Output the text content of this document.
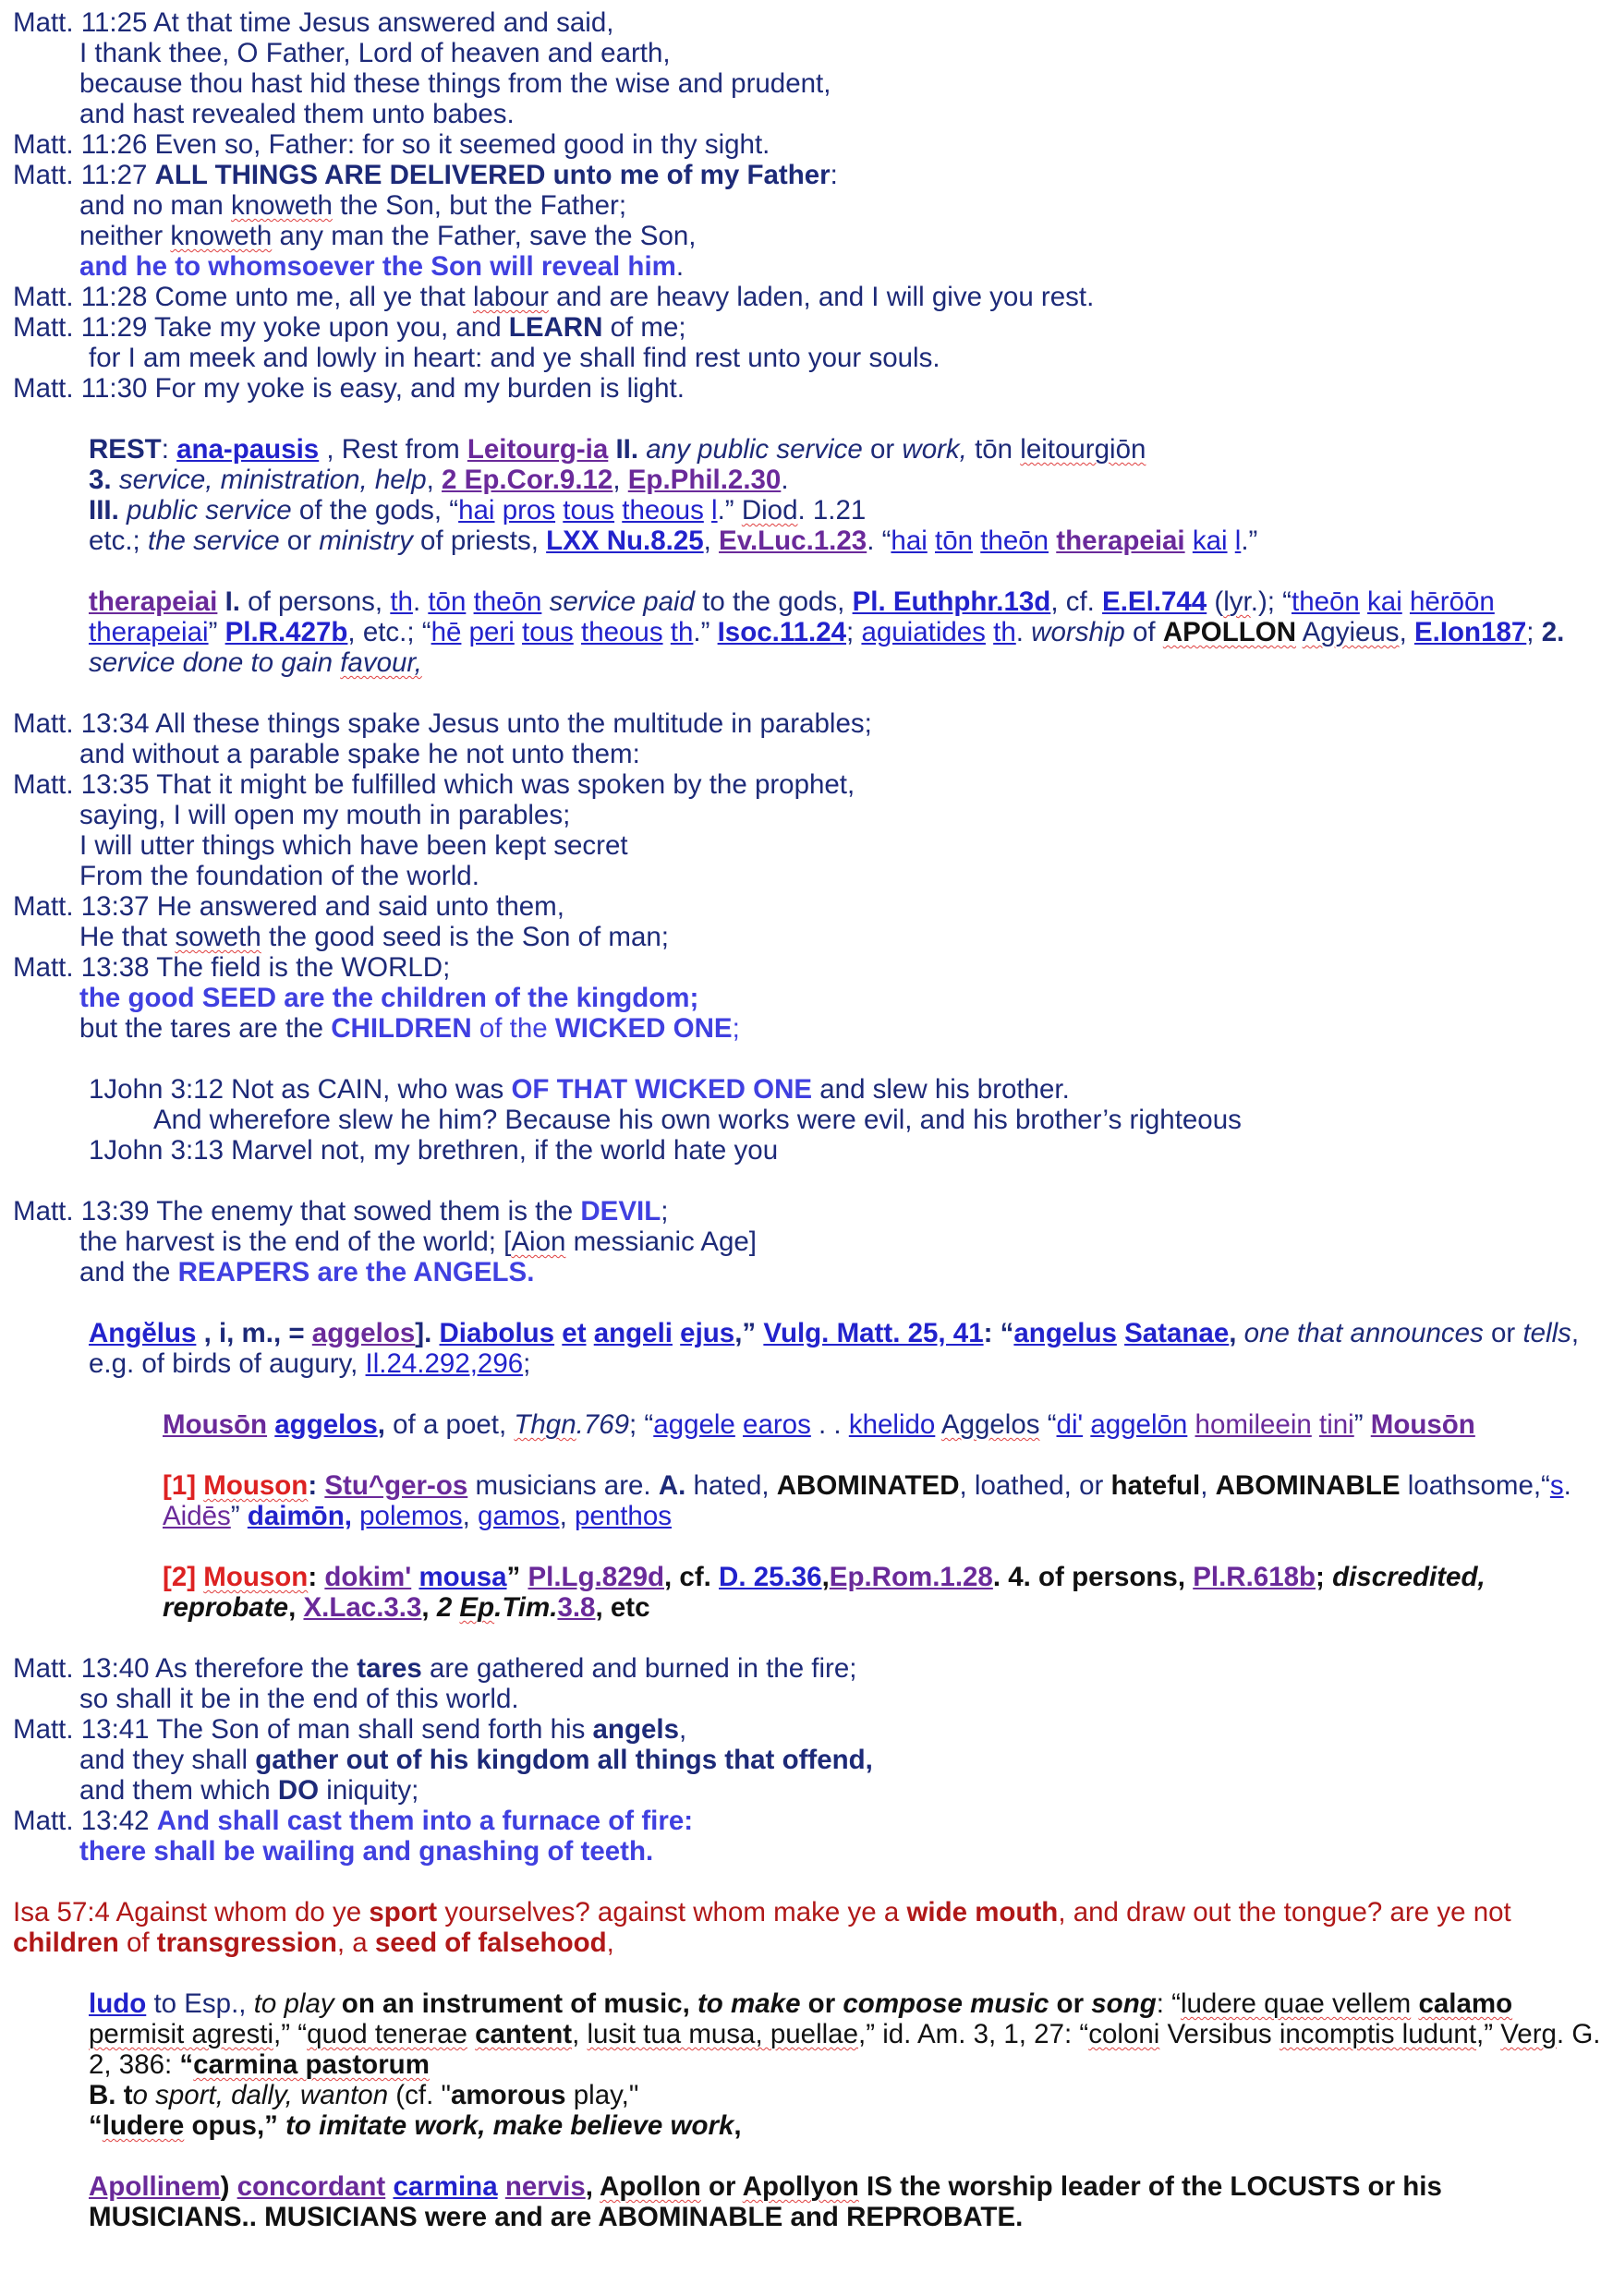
Matt. 11:25 At that time Jesus answered and said,
I thank thee, O Father, Lord of heaven and earth,
because thou hast hid these things from the wise and prudent,
and hast revealed them unto babes.
Matt. 11:26 Even so, Father: for so it seemed good in thy sight.
Matt. 11:27 ALL THINGS ARE DELIVERED unto me of my Father:
and no man knoweth the Son, but the Father;
neither knoweth any man the Father, save the Son,
and he to whomsoever the Son will reveal him.
Matt. 11:28 Come unto me, all ye that labour and are heavy laden, and I will give you rest.
Matt. 11:29 Take my yoke upon you, and LEARN of me;
for I am meek and lowly in heart: and ye shall find rest unto your souls.
Matt. 11:30 For my yoke is easy, and my burden is light.
REST: ana-pausis , Rest from Leitourg-ia II. any public service or work, tōn leitourgiōn
3. service, ministration, help, 2 Ep.Cor.9.12, Ep.Phil.2.30.
III. public service of the gods, “hai pros tous theous l.” Diod. 1.21
etc.; the service or ministry of priests, LXX Nu.8.25, Ev.Luc.1.23. “hai tōn theōn therapeiai kai l.”
therapeiai I. of persons, th. tōn theōn service paid to the gods, Pl. Euthphr.13d, cf. E.El.744 (lyr.); “theōn kai hērōōn therapeiai” Pl.R.427b, etc.; “hē peri tous theous th.” Isoc.11.24; aguiatides th. worship of APOLLON Agyieus, E.Ion187; 2. service done to gain favour,
Matt. 13:34 All these things spake Jesus unto the multitude in parables;
and without a parable spake he not unto them:
Matt. 13:35 That it might be fulfilled which was spoken by the prophet,
saying, I will open my mouth in parables;
I will utter things which have been kept secret
From the foundation of the world.
Matt. 13:37 He answered and said unto them,
He that soweth the good seed is the Son of man;
Matt. 13:38 The field is the WORLD;
the good SEED are the children of the kingdom;
but the tares are the CHILDREN of the WICKED ONE;
1John 3:12 Not as CAIN, who was OF THAT WICKED ONE and slew his brother.
And wherefore slew he him? Because his own works were evil, and his brother’s righteous
1John 3:13 Marvel not, my brethren, if the world hate you
Matt. 13:39 The enemy that sowed them is the DEVIL;
the harvest is the end of the world; [Aion messianic Age]
and the REAPERS are the ANGELS.
Angĕlus , i, m., = aggelos]. Diabolus et angeli ejus,” Vulg. Matt. 25, 41: “angelus Satanae, one that announces or tells, e.g. of birds of augury, Il.24.292,296;
Mousōn aggelos, of a poet, Thgn.769; “aggele earos . . khelido Aggelos “di' aggelōn homileein tini” Mousōn
[1] Mouson: Stu^ger-os musicians are. A. hated, ABOMINATED, loathed, or hateful, ABOMINABLE loathsome,“s. Aidēs” daimōn, polemos, gamos, penthos
[2] Mouson: dokim' mousa” Pl.Lg.829d, cf. D. 25.36,Ep.Rom.1.28. 4. of persons, Pl.R.618b; discredited, reprobate, X.Lac.3.3, 2 Ep.Tim.3.8, etc
Matt. 13:40 As therefore the tares are gathered and burned in the fire;
so shall it be in the end of this world.
Matt. 13:41 The Son of man shall send forth his angels,
and they shall gather out of his kingdom all things that offend,
and them which DO iniquity;
Matt. 13:42 And shall cast them into a furnace of fire:
there shall be wailing and gnashing of teeth.
Isa 57:4 Against whom do ye sport yourselves? against whom make ye a wide mouth, and draw out the tongue? are ye not children of transgression, a seed of falsehood,
ludo to Esp., to play on an instrument of music, to make or compose music or song: “ludere quae vellem calamo permisit agresti,” “quod tenerae cantent, lusit tua musa, puellae,” id. Am. 3, 1, 27: “coloni Versibus incomptis ludunt,” Verg. G. 2, 386: “carmina pastorum
B. to sport, dally, wanton (cf. "amorous play,"
“ludere opus,” to imitate work, make believe work,
Apollinem) concordant carmina nervis, Apollon or Apollyon IS the worship leader of the LOCUSTS or his MUSICIANS.. MUSICIANS were and are ABOMINABLE and REPROBATE.
